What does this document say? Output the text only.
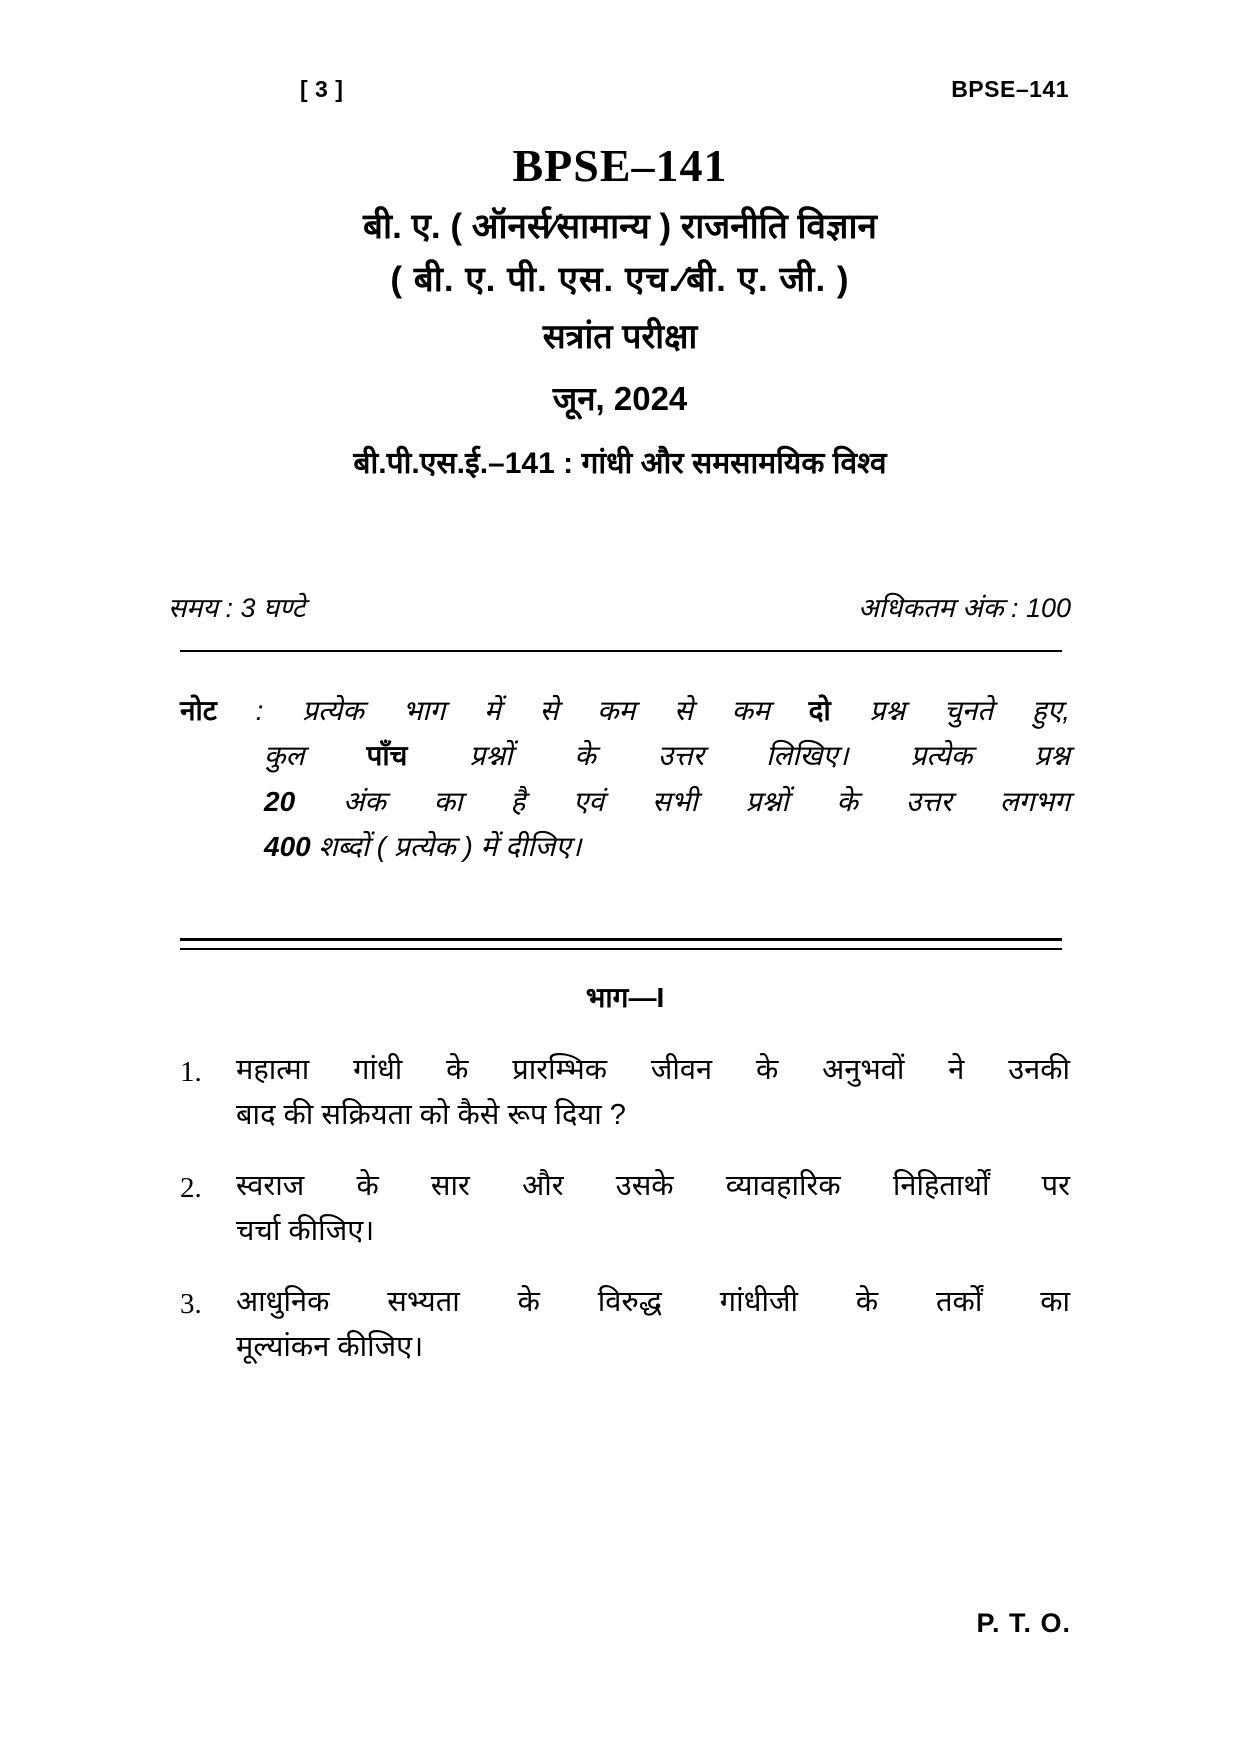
[ 3 ]	BPSE–141
BPSE–141
बी. ए. ( ऑनर्स∕सामान्य ) राजनीति विज्ञान
( बी. ए. पी. एस. एच.∕बी. ए. जी. )
सत्रांत परीक्षा
जून, 2024
बी.पी.एस.ई.–141 : गांधी और समसामयिक विश्व
समय : 3 घण्टे	अधिकतम अंक : 100
नोट : प्रत्येक भाग में से कम से कम दो प्रश्न चुनते हुए,
कुल पाँच प्रश्नों के उत्तर लिखिए। प्रत्येक प्रश्न
20 अंक का है एवं सभी प्रश्नों के उत्तर लगभग
400 शब्दों ( प्रत्येक ) में दीजिए।
भाग—I
1.	महात्मा गांधी के प्रारम्भिक जीवन के अनुभवों ने उनकी
बाद की सक्रियता को कैसे रूप दिया ?
2.	स्वराज के सार और उसके व्यावहारिक निहितार्थों पर
चर्चा कीजिए।
3.	आधुनिक सभ्यता के विरुद्ध गांधीजी के तर्कों का
मूल्यांकन कीजिए।
P. T. O.
